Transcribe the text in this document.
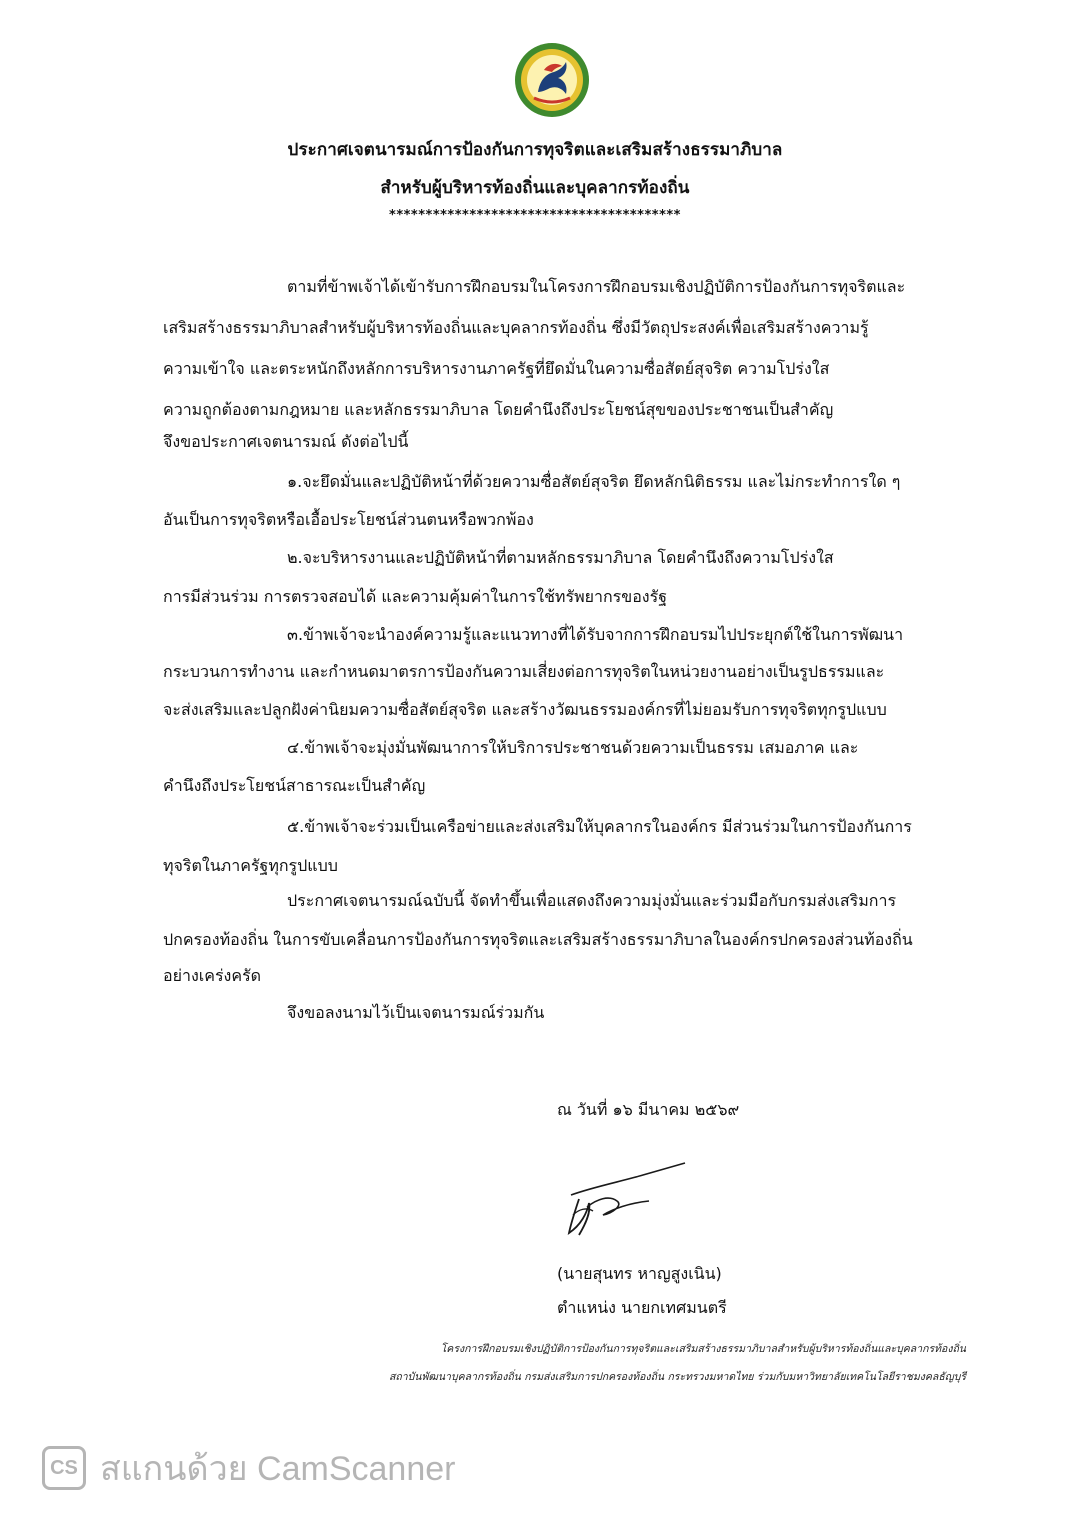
ประกาศเจตนารมณ์การป้องกันการทุจริตและเสริมสร้างธรรมาภิบาล
สำหรับผู้บริหารท้องถิ่นและบุคลากรท้องถิ่น
****************************************
ตามที่ข้าพเจ้าได้เข้ารับการฝึกอบรมในโครงการฝึกอบรมเชิงปฏิบัติการป้องกันการทุจริตและ
เสริมสร้างธรรมาภิบาลสำหรับผู้บริหารท้องถิ่นและบุคลากรท้องถิ่น ซึ่งมีวัตถุประสงค์เพื่อเสริมสร้างความรู้
ความเข้าใจ และตระหนักถึงหลักการบริหารงานภาครัฐที่ยึดมั่นในความซื่อสัตย์สุจริต ความโปร่งใส
ความถูกต้องตามกฎหมาย และหลักธรรมาภิบาล โดยคำนึงถึงประโยชน์สุขของประชาชนเป็นสำคัญ
จึงขอประกาศเจตนารมณ์ ดังต่อไปนี้
๑.จะยึดมั่นและปฏิบัติหน้าที่ด้วยความซื่อสัตย์สุจริต ยึดหลักนิติธรรม และไม่กระทำการใด ๆ
อันเป็นการทุจริตหรือเอื้อประโยชน์ส่วนตนหรือพวกพ้อง
๒.จะบริหารงานและปฏิบัติหน้าที่ตามหลักธรรมาภิบาล โดยคำนึงถึงความโปร่งใส
การมีส่วนร่วม การตรวจสอบได้ และความคุ้มค่าในการใช้ทรัพยากรของรัฐ
๓.ข้าพเจ้าจะนำองค์ความรู้และแนวทางที่ได้รับจากการฝึกอบรมไปประยุกต์ใช้ในการพัฒนา
กระบวนการทำงาน และกำหนดมาตรการป้องกันความเสี่ยงต่อการทุจริตในหน่วยงานอย่างเป็นรูปธรรมและ
จะส่งเสริมและปลูกฝังค่านิยมความซื่อสัตย์สุจริต และสร้างวัฒนธรรมองค์กรที่ไม่ยอมรับการทุจริตทุกรูปแบบ
๔.ข้าพเจ้าจะมุ่งมั่นพัฒนาการให้บริการประชาชนด้วยความเป็นธรรม เสมอภาค และ
คำนึงถึงประโยชน์สาธารณะเป็นสำคัญ
๕.ข้าพเจ้าจะร่วมเป็นเครือข่ายและส่งเสริมให้บุคลากรในองค์กร มีส่วนร่วมในการป้องกันการ
ทุจริตในภาครัฐทุกรูปแบบ
ประกาศเจตนารมณ์ฉบับนี้ จัดทำขึ้นเพื่อแสดงถึงความมุ่งมั่นและร่วมมือกับกรมส่งเสริมการ
ปกครองท้องถิ่น ในการขับเคลื่อนการป้องกันการทุจริตและเสริมสร้างธรรมาภิบาลในองค์กรปกครองส่วนท้องถิ่น
อย่างเคร่งครัด
จึงขอลงนามไว้เป็นเจตนารมณ์ร่วมกัน
ณ วันที่ ๑๖ มีนาคม ๒๕๖๙
(นายสุนทร หาญสูงเนิน)
ตำแหน่ง นายกเทศมนตรี
โครงการฝึกอบรมเชิงปฏิบัติการป้องกันการทุจริตและเสริมสร้างธรรมาภิบาลสำหรับผู้บริหารท้องถิ่นและบุคลากรท้องถิ่น
สถาบันพัฒนาบุคลากรท้องถิ่น กรมส่งเสริมการปกครองท้องถิ่น กระทรวงมหาดไทย ร่วมกับมหาวิทยาลัยเทคโนโลยีราชมงคลธัญบุรี
CS สแกนด้วย CamScanner
